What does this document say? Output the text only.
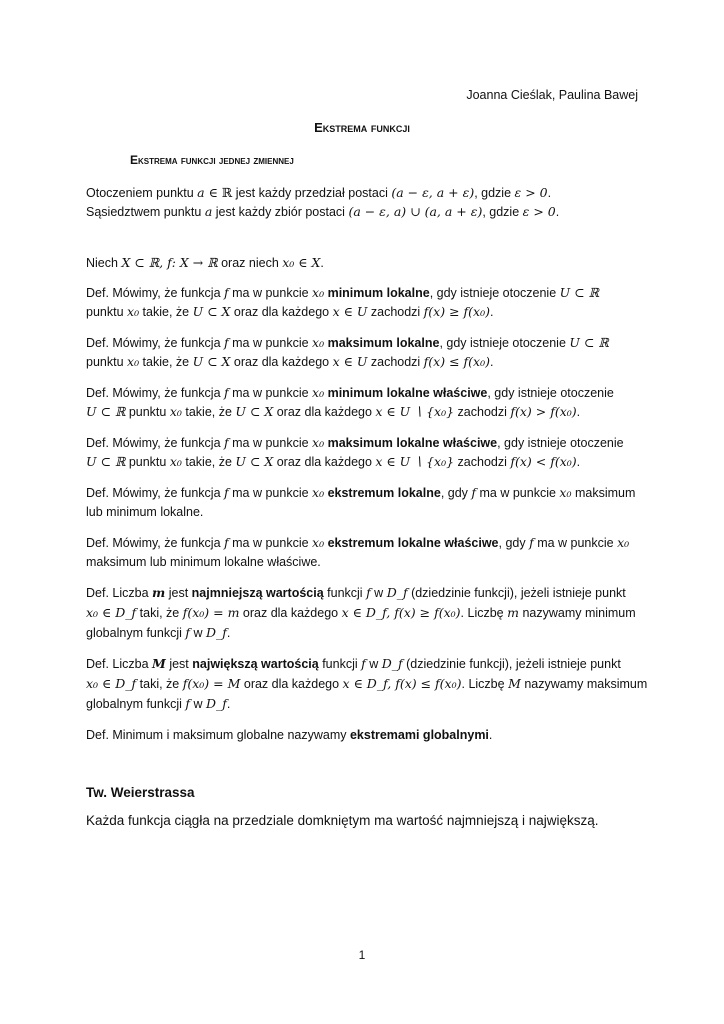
Joanna Cieślak, Paulina Bawej
Ekstrema funkcji
Ekstrema funkcji jednej zmiennej
Otoczeniem punktu a ∈ ℝ jest każdy przedział postaci (a − ε, a + ε), gdzie ε > 0.
Sąsiedztwem punktu a jest każdy zbiór postaci (a − ε, a) ∪ (a, a + ε), gdzie ε > 0.
Niech X ⊂ ℝ, f: X → ℝ oraz niech x₀ ∈ X.
Def. Mówimy, że funkcja f ma w punkcie x₀ minimum lokalne, gdy istnieje otoczenie U ⊂ ℝ
punktu x₀ takie, że U ⊂ X oraz dla każdego x ∈ U zachodzi f(x) ≥ f(x₀).
Def. Mówimy, że funkcja f ma w punkcie x₀ maksimum lokalne, gdy istnieje otoczenie U ⊂ ℝ
punktu x₀ takie, że U ⊂ X oraz dla każdego x ∈ U zachodzi f(x) ≤ f(x₀).
Def. Mówimy, że funkcja f ma w punkcie x₀ minimum lokalne właściwe, gdy istnieje otoczenie
U ⊂ ℝ punktu x₀ takie, że U ⊂ X oraz dla każdego x ∈ U ∖ {x₀} zachodzi f(x) > f(x₀).
Def. Mówimy, że funkcja f ma w punkcie x₀ maksimum lokalne właściwe, gdy istnieje otoczenie
U ⊂ ℝ punktu x₀ takie, że U ⊂ X oraz dla każdego x ∈ U ∖ {x₀} zachodzi f(x) < f(x₀).
Def. Mówimy, że funkcja f ma w punkcie x₀ ekstremum lokalne, gdy f ma w punkcie x₀ maksimum
lub minimum lokalne.
Def. Mówimy, że funkcja f ma w punkcie x₀ ekstremum lokalne właściwe, gdy f ma w punkcie x₀
maksimum lub minimum lokalne właściwe.
Def. Liczba m jest najmniejszą wartością funkcji f w D_f (dziedzinie funkcji), jeżeli istnieje punkt
x₀ ∈ D_f taki, że f(x₀) = m oraz dla każdego x ∈ D_f, f(x) ≥ f(x₀). Liczbę m nazywamy minimum
globalnym funkcji f w D_f.
Def. Liczba M jest największą wartością funkcji f w D_f (dziedzinie funkcji), jeżeli istnieje punkt
x₀ ∈ D_f taki, że f(x₀) = M oraz dla każdego x ∈ D_f, f(x) ≤ f(x₀). Liczbę M nazywamy maksimum
globalnym funkcji f w D_f.
Def. Minimum i maksimum globalne nazywamy ekstremami globalnymi.
Tw. Weierstrassa
Każda funkcja ciągła na przedziale domkniętym ma wartość najmniejszą i największą.
1
